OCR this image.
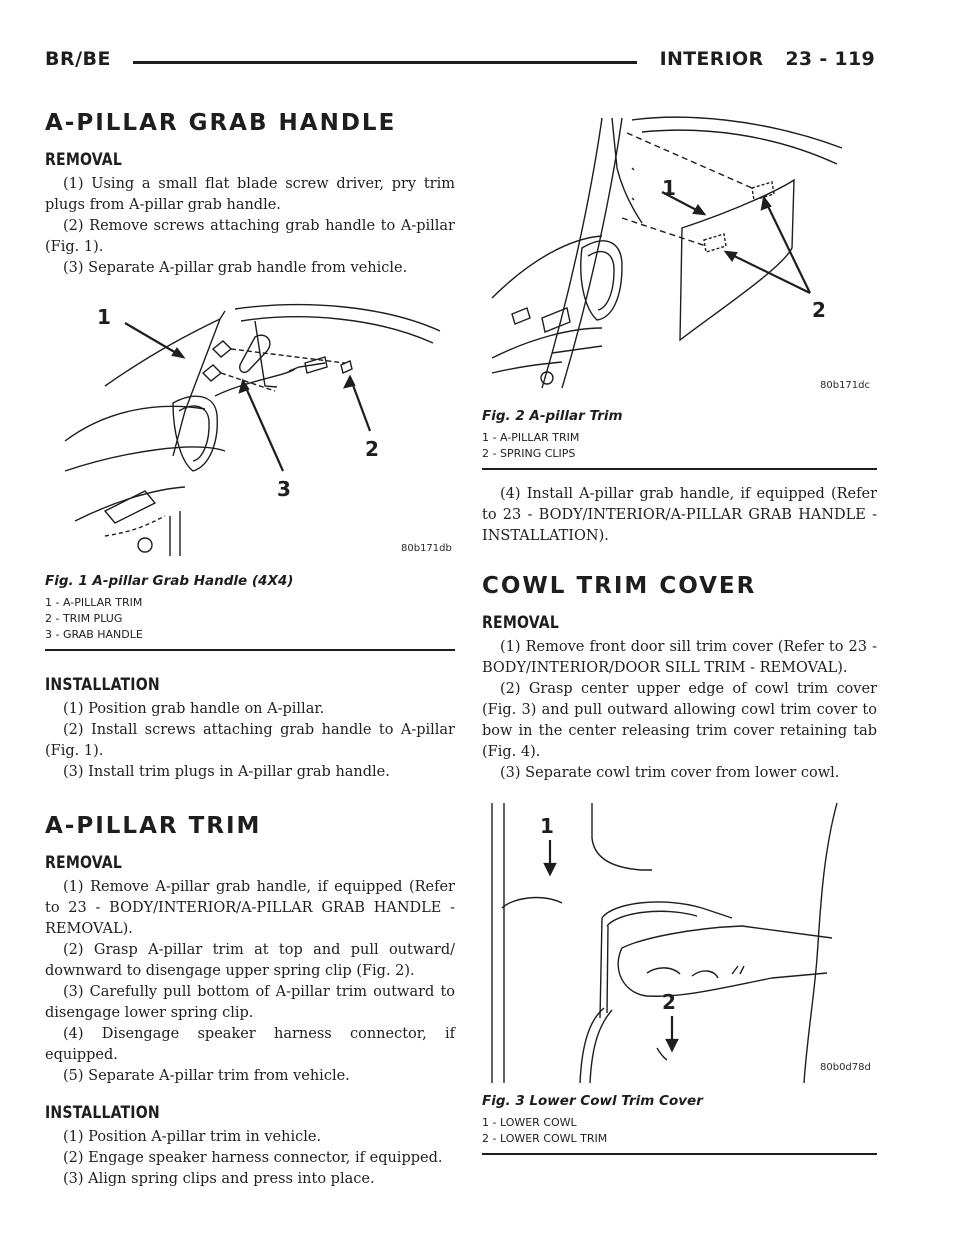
BR/BE	INTERIOR 23 - 119
A-PILLAR GRAB HANDLE
REMOVAL

(1) Using a small flat blade screw driver, pry trim plugs from A-pillar grab handle.

(2) Remove screws attaching grab handle to A-pillar (Fig. 1).

(3) Separate A-pillar grab handle from vehicle.

1
2
3
80b171db
Fig. 1 A-pillar Grab Handle (4X4)
1 - A-PILLAR TRIM
2 - TRIM PLUG
3 - GRAB HANDLE
INSTALLATION

(1) Position grab handle on A-pillar.

(2) Install screws attaching grab handle to A-pillar (Fig. 1).

(3) Install trim plugs in A-pillar grab handle.

A-PILLAR TRIM
REMOVAL

(1) Remove A-pillar grab handle, if equipped (Refer to 23 - BODY/INTERIOR/A-PILLAR GRAB HANDLE - REMOVAL).

(2) Grasp A-pillar trim at top and pull outward/ downward to disengage upper spring clip (Fig. 2).

(3) Carefully pull bottom of A-pillar trim outward to disengage lower spring clip.

(4) Disengage speaker harness connector, if equipped.

(5) Separate A-pillar trim from vehicle.

INSTALLATION

(1) Position A-pillar trim in vehicle.

(2) Engage speaker harness connector, if equipped.

(3) Align spring clips and press into place.

1
2
80b171dc
Fig. 2 A-pillar Trim
1 - A-PILLAR TRIM
2 - SPRING CLIPS

(4) Install A-pillar grab handle, if equipped (Refer to 23 - BODY/INTERIOR/A-PILLAR GRAB HANDLE - INSTALLATION).

COWL TRIM COVER
REMOVAL

(1) Remove front door sill trim cover (Refer to 23 - BODY/INTERIOR/DOOR SILL TRIM - REMOVAL).

(2) Grasp center upper edge of cowl trim cover (Fig. 3) and pull outward allowing cowl trim cover to bow in the center releasing trim cover retaining tab (Fig. 4).

(3) Separate cowl trim cover from lower cowl.

1
2
80b0d78d
Fig. 3 Lower Cowl Trim Cover
1 - LOWER COWL
2 - LOWER COWL TRIM
